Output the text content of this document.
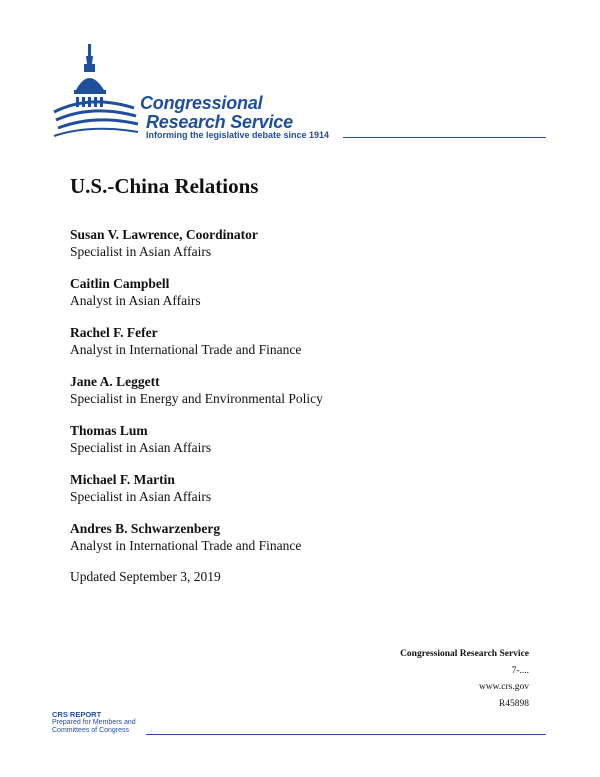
Congressional
Research Service
Informing the legislative debate since 1914
U.S.-China Relations
Susan V. Lawrence, Coordinator
Specialist in Asian Affairs
Caitlin Campbell
Analyst in Asian Affairs
Rachel F. Fefer
Analyst in International Trade and Finance
Jane A. Leggett
Specialist in Energy and Environmental Policy
Thomas Lum
Specialist in Asian Affairs
Michael F. Martin
Specialist in Asian Affairs
Andres B. Schwarzenberg
Analyst in International Trade and Finance
Updated September 3, 2019
Congressional Research Service
7-....
www.crs.gov
R45898
CRS REPORT
Prepared for Members and
Committees of Congress
